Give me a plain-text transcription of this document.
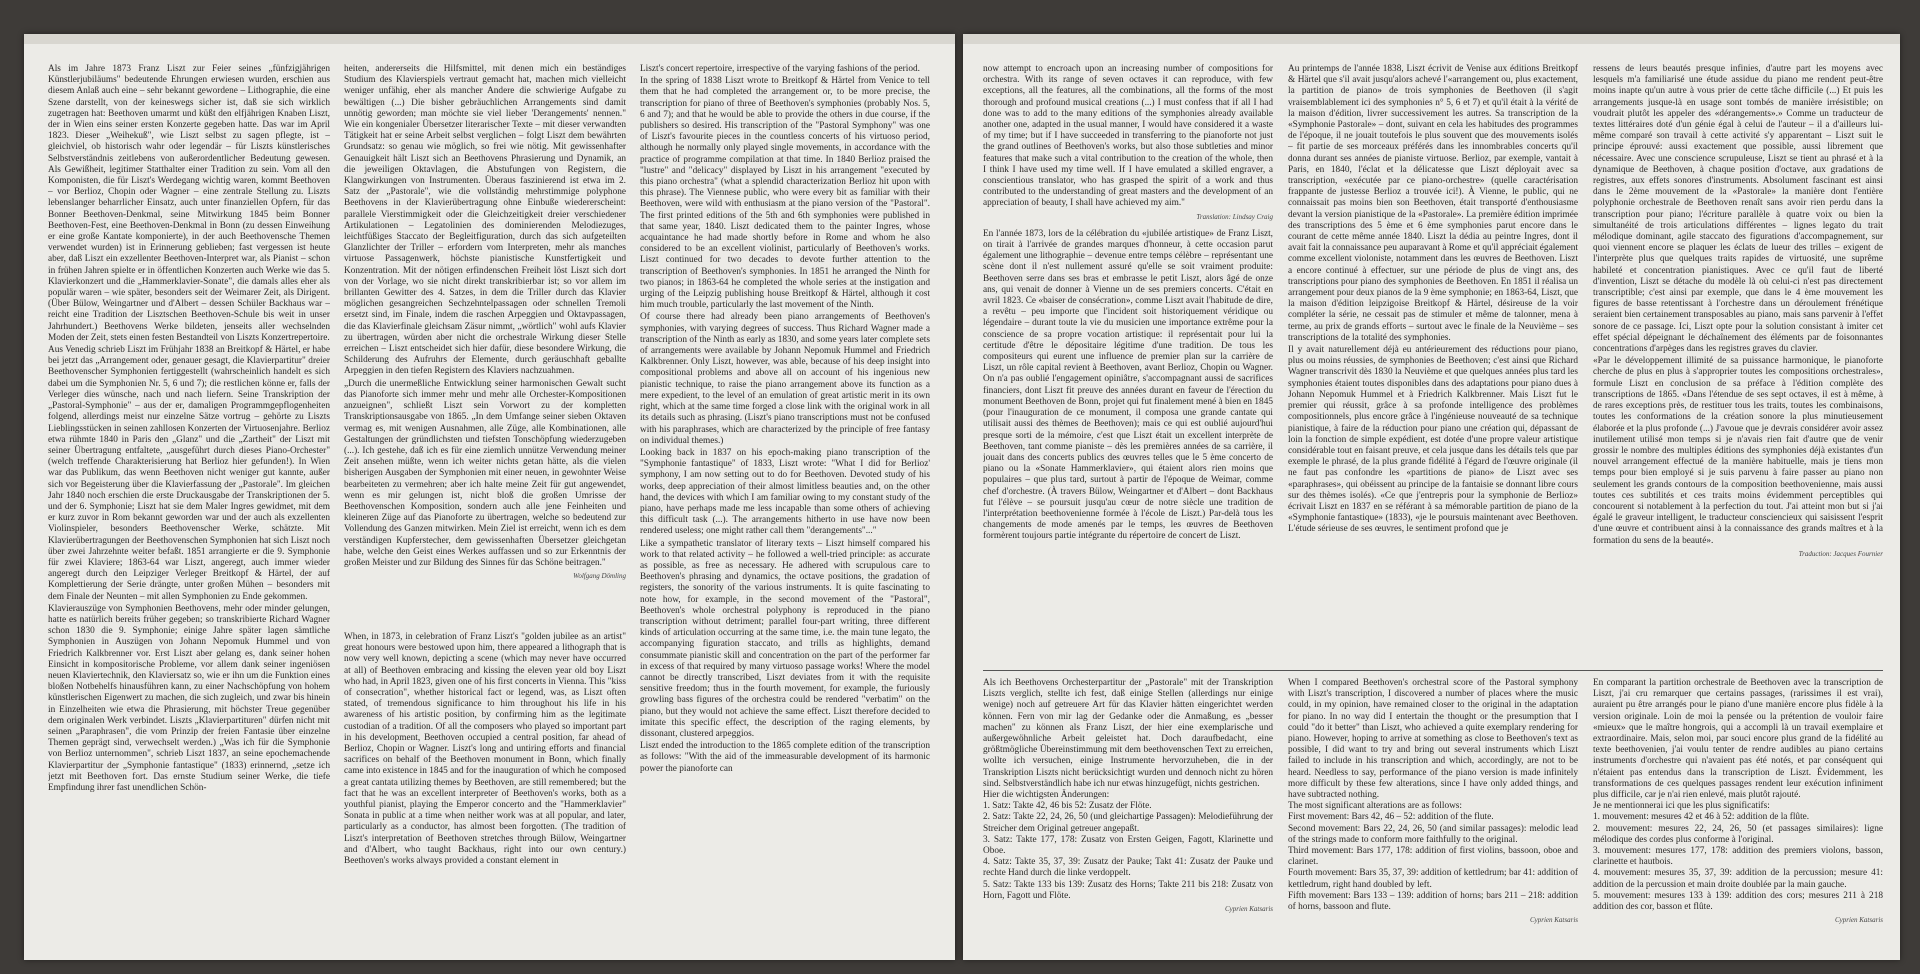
Als im Jahre 1873 Franz Liszt zur Feier seines „fünfzigjährigen Künstlerjubiläums" bedeutende Ehrungen erwiesen wurden, erschien aus diesem Anlaß auch eine – sehr bekannt gewordene – Lithographie, die eine Szene darstellt, von der keineswegs sicher ist, daß sie sich wirklich zugetragen hat: Beethoven umarmt und küßt den elfjährigen Knaben Liszt, der in Wien eins seiner ersten Konzerte gegeben hatte. Das war im April 1823. Dieser „Weihekuß", wie Liszt selbst zu sagen pflegte, ist – gleichviel, ob historisch wahr oder legendär – für Liszts künstlerisches Selbstverständnis zeitlebens von außerordentlicher Bedeutung gewesen. Als Gewißheit, legitimer Statthalter einer Tradition zu sein. Vom all den Komponisten, die für Liszt's Werdegang wichtig waren, kommt Beethoven – vor Berlioz, Chopin oder Wagner – eine zentrale Stellung zu. Liszts lebenslanger beharrlicher Einsatz, auch unter finanziellen Opfern, für das Bonner Beethoven-Denkmal, seine Mitwirkung 1845 beim Bonner Beethoven-Fest, eine Beethoven-Denkmal in Bonn (zu dessen Einweihung er eine große Kantate komponierte), in der auch Beethovensche Themen verwendet wurden) ist in Erinnerung geblieben; fast vergessen ist heute aber, daß Liszt ein exzellenter Beethoven-Interpret war, als Pianist – schon in frühen Jahren spielte er in öffentlichen Konzerten auch Werke wie das 5. Klavierkonzert und die „Hammerklavier-Sonate", die damals alles eher als populär waren – wie später, besonders seit der Weimarer Zeit, als Dirigent. (Über Bülow, Weingartner und d'Albert – dessen Schüler Backhaus war – reicht eine Tradition der Lisztschen Beethoven-Schule bis weit in unser Jahrhundert.) Beethovens Werke bildeten, jenseits aller wechselnden Moden der Zeit, stets einen festen Bestandteil von Liszts Konzertrepertoire.

Aus Venedig schrieb Liszt im Frühjahr 1838 an Breitkopf & Härtel, er habe bei jetzt das „Arrangement oder, genauer gesagt, die Klavierpartitur" dreier Beethovenscher Symphonien fertiggestellt (wahrscheinlich handelt es sich dabei um die Symphonien Nr. 5, 6 und 7); die restlichen könne er, falls der Verleger dies wünsche, nach und nach liefern. Seine Transkription der „Pastoral-Symphonie" – aus der er, damaligen Programmgepflogenheiten folgend, allerdings meist nur einzelne Sätze vortrug – gehörte zu Liszts Lieblingsstücken in seinen zahllosen Konzerten der Virtuosenjahre. Berlioz etwa rühmte 1840 in Paris den „Glanz" und die „Zartheit" der Liszt mit seiner Übertragung entfaltete, „ausgeführt durch dieses Piano-Orchester" (welch treffende Charakterisierung hat Berlioz hier gefunden!). In Wien war das Publikum, das wenn Beethoven nicht weniger gut kannte, außer sich vor Begeisterung über die Klavierfassung der „Pastorale". Im gleichen Jahr 1840 noch erschien die erste Druckausgabe der Transkriptionen der 5. und der 6. Symphonie; Liszt hat sie dem Maler Ingres gewidmet, mit dem er kurz zuvor in Rom bekannt geworden war und der auch als exzellenten Violinspieler, besonders Beethovenscher Werke, schätzte. Mit Klavierübertragungen der Beethovenschen Symphonien hat sich Liszt noch über zwei Jahrzehnte weiter befaßt. 1851 arrangierte er die 9. Symphonie für zwei Klaviere; 1863-64 war Liszt, angeregt, auch immer wieder angeregt durch den Leipziger Verleger Breitkopf & Härtel, der auf Komplettierung der Serie drängte, unter großen Mühen – besonders mit dem Finale der Neunten – mit allen Symphonien zu Ende gekommen.

Klavierauszüge von Symphonien Beethovens, mehr oder minder gelungen, hatte es natürlich bereits früher gegeben; so transkribierte Richard Wagner schon 1830 die 9. Symphonie; einige Jahre später lagen sämtliche Symphonien in Auszügen von Johann Nepomuk Hummel und von Friedrich Kalkbrenner vor. Erst Liszt aber gelang es, dank seiner hohen Einsicht in kompositorische Probleme, vor allem dank seiner ingeniösen neuen Klaviertechnik, den Klaviersatz so, wie er ihn um die Funktion eines bloßen Notbehelfs hinausführen kann, zu einer Nachschöpfung von hohem künstlerischen Eigenwert zu machen, die sich zugleich, und zwar bis hinein in Einzelheiten wie etwa die Phrasierung, mit höchster Treue gegenüber dem originalen Werk verbindet. Liszts „Klavierpartituren" dürfen nicht mit seinen „Paraphrasen", die vom Prinzip der freien Fantasie über einzelne Themen geprägt sind, verwechselt werden.) „Was ich für die Symphonie von Berlioz unternommen", schrieb Liszt 1837, an seine epochemachende Klavierpartitur der „Symphonie fantastique" (1833) erinnernd, „setze ich jetzt mit Beethoven fort. Das ernste Studium seiner Werke, die tiefe Empfindung ihrer fast unendlichen Schön-

heiten, andererseits die Hilfsmittel, mit denen mich ein beständiges Studium des Klavierspiels vertraut gemacht hat, machen mich vielleicht weniger unfähig, eher als mancher Andere die schwierige Aufgabe zu bewältigen (...) Die bisher gebräuchlichen Arrangements sind damit unnötig geworden; man möchte sie viel lieber 'Derangements' nennen." Wie ein kongenialer Übersetzer literarischer Texte – mit dieser verwandten Tätigkeit hat er seine Arbeit selbst verglichen – folgt Liszt dem bewährten Grundsatz: so genau wie möglich, so frei wie nötig. Mit gewissenhafter Genauigkeit hält Liszt sich an Beethovens Phrasierung und Dynamik, an die jeweiligen Oktavlagen, die Abstufungen von Registern, die Klangwirkungen von Instrumenten. Überaus faszinierend ist etwa im 2. Satz der „Pastorale", wie die vollständig mehrstimmige polyphone Beethovens in der Klavierübertragung ohne Einbuße wiedererscheint: parallele Vierstimmigkeit oder die Gleichzeitigkeit dreier verschiedener Artikulationen – Legatolinien des dominierenden Melodiezuges, leichtfüßiges Staccato der Begleitfiguration, durch das sich aufgeteilten Glanzlichter der Triller – erfordern vom Interpreten, mehr als manches virtuose Passagenwerk, höchste pianistische Kunstfertigkeit und Konzentration. Mit der nötigen erfindenschen Freiheit löst Liszt sich dort von der Vorlage, wo sie nicht direkt transkribierbar ist; so vor allem im brillanten Gewitter des 4. Satzes, in dem die Triller durch das Klavier möglichen gesangreichen Sechzehntelpassagen oder schnellen Tremoli ersetzt sind, im Finale, indem die raschen Arpeggien und Oktavpassagen, die das Klavierfinale gleichsam Zäsur nimmt, „wörtlich" wohl aufs Klavier zu übertragen, würden aber nicht die orchestrale Wirkung dieser Stelle erreichen – Liszt entscheidet sich hier dafür, diese besondere Wirkung, die Schilderung des Aufruhrs der Elemente, durch geräuschhaft geballte Arpeggien in den tiefen Registern des Klaviers nachzuahmen.

„Durch die unermeßliche Entwicklung seiner harmonischen Gewalt sucht das Pianoforte sich immer mehr und mehr alle Orchester-Kompositionen anzueignen", schließt Liszt sein Vorwort zu der kompletten Transkriptionsausgabe von 1865. „In dem Umfange seiner sieben Oktaven vermag es, mit wenigen Ausnahmen, alle Züge, alle Kombinationen, alle Gestaltungen der gründlichsten und tiefsten Tonschöpfung wiederzugeben (...). Ich gestehe, daß ich es für eine ziemlich unnütze Verwendung meiner Zeit ansehen müßte, wenn ich weiter nichts getan hätte, als die vielen bisherigen Ausgaben der Symphonien mit einer neuen, in gewohnter Weise bearbeiteten zu vermehren; aber ich halte meine Zeit für gut angewendet, wenn es mir gelungen ist, nicht bloß die großen Umrisse der Beethovenschen Komposition, sondern auch alle jene Feinheiten und kleineren Züge auf das Pianoforte zu übertragen, welche so bedeutend zur Vollendung des Ganzen mitwirken. Mein Ziel ist erreicht, wenn ich es dem verständigen Kupferstecher, dem gewissenhaften Übersetzer gleichgetan habe, welche den Geist eines Werkes auffassen und so zur Erkenntnis der großen Meister und zur Bildung des Sinnes für das Schöne beitragen."

Wolfgang Dömling

When, in 1873, in celebration of Franz Liszt's "golden jubilee as an artist" great honours were bestowed upon him, there appeared a lithograph that is now very well known, depicting a scene (which may never have occurred at all) of Beethoven embracing and kissing the eleven year old boy Liszt who had, in April 1823, given one of his first concerts in Vienna. This "kiss of consecration", whether historical fact or legend, was, as Liszt often stated, of tremendous significance to him throughout his life in his awareness of his artistic position, by confirming him as the legitimate custodian of a tradition. Of all the composers who played so important part in his development, Beethoven occupied a central position, far ahead of Berlioz, Chopin or Wagner. Liszt's long and untiring efforts and financial sacrifices on behalf of the Beethoven monument in Bonn, which finally came into existence in 1845 and for the inauguration of which he composed a great cantata utilizing themes by Beethoven, are still remembered; but the fact that he was an excellent interpreter of Beethoven's works, both as a youthful pianist, playing the Emperor concerto and the "Hammerklavier" Sonata in public at a time when neither work was at all popular, and later, particularly as a conductor, has almost been forgotten. (The tradition of Liszt's interpretation of Beethoven stretches through Bülow, Weingartner and d'Albert, who taught Backhaus, right into our own century.) Beethoven's works always provided a constant element in

Liszt's concert repertoire, irrespective of the varying fashions of the period.

In the spring of 1838 Liszt wrote to Breitkopf & Härtel from Venice to tell them that he had completed the arrangement or, to be more precise, the transcription for piano of three of Beethoven's symphonies (probably Nos. 5, 6 and 7); and that he would be able to provide the others in due course, if the publishers so desired. His transcription of the "Pastoral Symphony" was one of Liszt's favourite pieces in the countless concerts of his virtuoso period, although he normally only played single movements, in accordance with the practice of programme compilation at that time. In 1840 Berlioz praised the "lustre" and "delicacy" displayed by Liszt in his arrangement "executed by this piano orchestra" (what a splendid characterization Berlioz hit upon with this phrase). The Viennese public, who were every bit as familiar with their Beethoven, were wild with enthusiasm at the piano version of the "Pastoral". The first printed editions of the 5th and 6th symphonies were published in that same year, 1840. Liszt dedicated them to the painter Ingres, whose acquaintance he had made shortly before in Rome and whom he also considered to be an excellent violinist, particularly of Beethoven's works. Liszt continued for two decades to devote further attention to the transcription of Beethoven's symphonies. In 1851 he arranged the Ninth for two pianos; in 1863-64 he completed the whole series at the instigation and urging of the Leipzig publishing house Breitkopf & Härtel, although it cost him much trouble, particularly the last movement of the Ninth.

Of course there had already been piano arrangements of Beethoven's symphonies, with varying degrees of success. Thus Richard Wagner made a transcription of the Ninth as early as 1830, and some years later complete sets of arrangements were available by Johann Nepomuk Hummel and Friedrich Kalkbrenner. Only Liszt, however, was able, because of his deep insight into compositional problems and above all on account of his ingenious new pianistic technique, to raise the piano arrangement above its function as a mere expedient, to the level of an emulation of great artistic merit in its own right, which at the same time forged a close link with the original work in all its details such as phrasing. (Liszt's piano transcriptions must not be confused with his paraphrases, which are characterized by the principle of free fantasy on individual themes.)

Looking back in 1837 on his epoch-making piano transcription of the "Symphonie fantastique" of 1833, Liszt wrote: "What I did for Berlioz' symphony, I am now setting out to do for Beethoven. Devoted study of his works, deep appreciation of their almost limitless beauties and, on the other hand, the devices with which I am familiar owing to my constant study of the piano, have perhaps made me less incapable than some others of achieving this difficult task (...). The arrangements hitherto in use have now been rendered useless; one might rather call them "derangements"..."

Like a sympathetic translator of literary texts – Liszt himself compared his work to that related activity – he followed a well-tried principle: as accurate as possible, as free as necessary. He adhered with scrupulous care to Beethoven's phrasing and dynamics, the octave positions, the gradation of registers, the sonority of the various instruments. It is quite fascinating to note how, for example, in the second movement of the "Pastoral", Beethoven's whole orchestral polyphony is reproduced in the piano transcription without detriment; parallel four-part writing, three different kinds of articulation occurring at the same time, i.e. the main tune legato, the accompanying figuration staccato, and trills as highlights, demand consummate pianistic skill and concentration on the part of the performer far in excess of that required by many virtuoso passage works! Where the model cannot be directly transcribed, Liszt deviates from it with the requisite sensitive freedom; thus in the fourth movement, for example, the furiously growling bass figures of the orchestra could be rendered "verbatim" on the piano, but they would not achieve the same effect. Liszt therefore decided to imitate this specific effect, the description of the raging elements, by dissonant, clustered arpeggios.

Liszt ended the introduction to the 1865 complete edition of the transcription as follows: "With the aid of the immeasurable development of its harmonic power the pianoforte can

now attempt to encroach upon an increasing number of compositions for orchestra. With its range of seven octaves it can reproduce, with few exceptions, all the features, all the combinations, all the forms of the most thorough and profound musical creations (...) I must confess that if all I had done was to add to the many editions of the symphonies already available another one, adapted in the usual manner, I would have considered it a waste of my time; but if I have succeeded in transferring to the pianoforte not just the grand outlines of Beethoven's works, but also those subtleties and minor features that make such a vital contribution to the creation of the whole, then I think I have used my time well. If I have emulated a skilled engraver, a conscientious translator, who has grasped the spirit of a work and thus contributed to the understanding of great masters and the development of an appreciation of beauty, I shall have achieved my aim."

Translation: Lindsay Craig

En l'année 1873, lors de la célébration du «jubilée artistique» de Franz Liszt, on tirait à l'arrivée de grandes marques d'honneur, à cette occasion parut également une lithographie – devenue entre temps célèbre – représentant une scène dont il n'est nullement assuré qu'elle se soit vraiment produite: Beethoven serre dans ses bras et embrasse le petit Liszt, alors âgé de onze ans, qui venait de donner à Vienne un de ses premiers concerts. C'était en avril 1823. Ce «baiser de consécration», comme Liszt avait l'habitude de dire, a revêtu – peu importe que l'incident soit historiquement véridique ou légendaire – durant toute la vie du musicien une importance extrême pour la conscience de sa propre vocation artistique: il représentait pour lui la certitude d'être le dépositaire légitime d'une tradition. De tous les compositeurs qui eurent une influence de premier plan sur la carrière de Liszt, un rôle capital revient à Beethoven, avant Berlioz, Chopin ou Wagner. On n'a pas oublié l'engagement opiniâtre, s'accompagnant aussi de sacrifices financiers, dont Liszt fit preuve des années durant en faveur de l'érection du monument Beethoven de Bonn, projet qui fut finalement mené à bien en 1845 (pour l'inauguration de ce monument, il composa une grande cantate qui utilisait aussi des thèmes de Beethoven); mais ce qui est oublié aujourd'hui presque sorti de la mémoire, c'est que Liszt était un excellent interprète de Beethoven, tant comme pianiste – dès les premières années de sa carrière, il jouait dans des concerts publics des œuvres telles que le 5 ème concerto de piano ou la «Sonate Hammerklavier», qui étaient alors rien moins que populaires – que plus tard, surtout à partir de l'époque de Weimar, comme chef d'orchestre. (À travers Bülow, Weingartner et d'Albert – dont Backhaus fut l'élève – se poursuit jusqu'au cœur de notre siècle une tradition de l'interprétation beethovenienne formée à l'école de Liszt.) Par-delà tous les changements de mode amenés par le temps, les œuvres de Beethoven formèrent toujours partie intégrante du répertoire de concert de Liszt.

Au printemps de l'année 1838, Liszt écrivit de Venise aux éditions Breitkopf & Härtel que s'il avait jusqu'alors achevé l'«arrangement ou, plus exactement, la partition de piano» de trois symphonies de Beethoven (il s'agit vraisemblablement ici des symphonies n° 5, 6 et 7) et qu'il était à la vérité de la maison d'édition, livrer successivement les autres. Sa transcription de la «Symphonie Pastorale» – dont, suivant en cela les habitudes des programmes de l'époque, il ne jouait toutefois le plus souvent que des mouvements isolés – fit partie de ses morceaux préférés dans les innombrables concerts qu'il donna durant ses années de pianiste virtuose. Berlioz, par exemple, vantait à Paris, en 1840, l'éclat et la délicatesse que Liszt déployait avec sa transcription, «exécutée par ce piano-orchestre» (quelle caractérisation frappante de justesse Berlioz a trouvée ici!). À Vienne, le public, qui ne connaissait pas moins bien son Beethoven, était transporté d'enthousiasme devant la version pianistique de la «Pastorale». La première édition imprimée des transcriptions des 5 ème et 6 ème symphonies parut encore dans le courant de cette même année 1840. Liszt la dédia au peintre Ingres, dont il avait fait la connaissance peu auparavant à Rome et qu'il appréciait également comme excellent violoniste, notamment dans les œuvres de Beethoven. Liszt a encore continué à effectuer, sur une période de plus de vingt ans, des transcriptions pour piano des symphonies de Beethoven. En 1851 il réalisa un arrangement pour deux pianos de la 9 ème symphonie; en 1863-64, Liszt, que la maison d'édition leipzigoise Breitkopf & Härtel, désireuse de la voir compléter la série, ne cessait pas de stimuler et même de talonner, mena à terme, au prix de grands efforts – surtout avec le finale de la Neuvième – ses transcriptions de la totalité des symphonies.

Il y avait naturellement déjà eu antérieurement des réductions pour piano, plus ou moins réussies, de symphonies de Beethoven; c'est ainsi que Richard Wagner transcrivit dès 1830 la Neuvième et que quelques années plus tard les symphonies étaient toutes disponibles dans des adaptations pour piano dues à Johann Nepomuk Hummel et à Friedrich Kalkbrenner. Mais Liszt fut le premier qui réussit, grâce à sa profonde intelligence des problèmes compositionnels, plus encore grâce à l'ingénieuse nouveauté de sa technique pianistique, à faire de la réduction pour piano une création qui, dépassant de loin la fonction de simple expédient, est dotée d'une propre valeur artistique considérable tout en faisant preuve, et cela jusque dans les détails tels que par exemple le phrasé, de la plus grande fidélité à l'égard de l'œuvre originale (il ne faut pas confondre les «partitions de piano» de Liszt avec ses «paraphrases», qui obéissent au principe de la fantaisie se donnant libre cours sur des thèmes isolés). «Ce que j'entrepris pour la symphonie de Berlioz» écrivait Liszt en 1837 en se référant à sa mémorable partition de piano de la «Symphonie fantastique» (1833), «je le poursuis maintenant avec Beethoven. L'étude sérieuse de ses œuvres, le sentiment profond que je

ressens de leurs beautés presque infinies, d'autre part les moyens avec lesquels m'a familiarisé une étude assidue du piano me rendent peut-être moins inapte qu'un autre à vous prier de cette tâche difficile (...) Et puis les arrangements jusque-là en usage sont tombés de manière irrésistible; on voudrait plutôt les appeler des «dérangements».» Comme un traducteur de textes littéraires doté d'un génie égal à celui de l'auteur – il a d'ailleurs lui-même comparé son travail à cette activité s'y apparentant – Liszt suit le principe éprouvé: aussi exactement que possible, aussi librement que nécessaire. Avec une conscience scrupuleuse, Liszt se tient au phrasé et à la dynamique de Beethoven, à chaque position d'octave, aux gradations de registres, aux effets sonores d'instruments. Absolument fascinant est ainsi dans le 2ème mouvement de la «Pastorale» la manière dont l'entière polyphonie orchestrale de Beethoven renaît sans avoir rien perdu dans la transcription pour piano; l'écriture parallèle à quatre voix ou bien la simultanéité de trois articulations différentes – lignes legato du trait mélodique dominant, agile staccato des figurations d'accompagnement, sur quoi viennent encore se plaquer les éclats de lueur des trilles – exigent de l'interprète plus que quelques traits rapides de virtuosité, une suprême habileté et concentration pianistiques. Avec ce qu'il faut de liberté d'invention, Liszt se détache du modèle là où celui-ci n'est pas directement transcriptible; c'est ainsi par exemple, que dans le 4 ème mouvement les figures de basse retentissant à l'orchestre dans un déroulement frénétique seraient bien certainement transposables au piano, mais sans parvenir à l'effet sonore de ce passage. Ici, Liszt opte pour la solution consistant à imiter cet effet spécial dépeignant le déchaînement des éléments par de foisonnantes concentrations d'arpèges dans les registres graves du clavier.

«Par le développement illimité de sa puissance harmonique, le pianoforte cherche de plus en plus à s'approprier toutes les compositions orchestrales», formule Liszt en conclusion de sa préface à l'édition complète des transcriptions de 1865. «Dans l'étendue de ses sept octaves, il est à même, à de rares exceptions près, de restituer tous les traits, toutes les combinaisons, toutes les conformations de la création sonore la plus minutieusement élaborée et la plus profonde (...) J'avoue que je devrais considérer avoir assez inutilement utilisé mon temps si je n'avais rien fait d'autre que de venir grossir le nombre des multiples éditions des symphonies déjà existantes d'un nouvel arrangement effectué de la manière habituelle, mais je tiens mon temps pour bien employé si je suis parvenu à faire passer au piano non seulement les grands contours de la composition beethovenienne, mais aussi toutes ces subtilités et ces traits moins évidemment perceptibles qui concourent si notablement à la perfection du tout. J'ai atteint mon but si j'ai égalé le graveur intelligent, le traducteur consciencieux qui saisissent l'esprit d'une œuvre et contribuent ainsi à la connaissance des grands maîtres et à la formation du sens de la beauté».

Traduction: Jacques Fournier

Als ich Beethovens Orchesterpartitur der „Pastorale" mit der Transkription Liszts verglich, stellte ich fest, daß einige Stellen (allerdings nur einige wenige) noch auf getreuere Art für das Klavier hätten eingerichtet werden können. Fern von mir lag der Gedanke oder die Anmaßung, es „besser machen" zu können als Franz Liszt, der hier eine exemplarische und außergewöhnliche Arbeit geleistet hat. Doch daraufbedacht, eine größtmögliche Übereinstimmung mit dem beethovenschen Text zu erreichen, wollte ich versuchen, einige Instrumente hervorzuheben, die in der Transkription Liszts nicht berücksichtigt wurden und dennoch nicht zu hören sind. Selbstverständlich habe ich nur etwas hinzugefügt, nichts gestrichen.

Hier die wichtigsten Änderungen:

1. Satz: Takte 42, 46 bis 52: Zusatz der Flöte.
2. Satz: Takte 22, 24, 26, 50 (und gleichartige Passagen): Melodieführung der Streicher dem Original getreuer angepaßt.
3. Satz: Takte 177, 178: Zusatz von Ersten Geigen, Fagott, Klarinette und Oboe.
4. Satz: Takte 35, 37, 39: Zusatz der Pauke; Takt 41: Zusatz der Pauke und rechte Hand durch die linke verdoppelt.
5. Satz: Takte 133 bis 139: Zusatz des Horns; Takte 211 bis 218: Zusatz von Horn, Fagott und Flöte.
Cyprien Katsaris

When I compared Beethoven's orchestral score of the Pastoral symphony with Liszt's transcription, I discovered a number of places where the music could, in my opinion, have remained closer to the original in the adaptation for piano. In no way did I entertain the thought or the presumption that I could "do it better" than Liszt, who achieved a quite exemplary rendering for piano. However, hoping to arrive at something as close to Beethoven's text as possible, I did want to try and bring out several instruments which Liszt failed to include in his transcription and which, accordingly, are not to be heard. Needless to say, performance of the piano version is made infinitely more difficult by these few alterations, since I have only added things, and have subtracted nothing.

The most significant alterations are as follows:

First movement: Bars 42, 46 – 52: addition of the flute.
Second movement: Bars 22, 24, 26, 50 (and similar passages): melodic lead of the strings made to conform more faithfully to the original.
Third movement: Bars 177, 178: addition of first violins, bassoon, oboe and clarinet.
Fourth movement: Bars 35, 37, 39: addition of kettledrum; bar 41: addition of kettledrum, right hand doubled by left.
Fifth movement: Bars 133 – 139: addition of horns; bars 211 – 218: addition of horns, bassoon and flute.
Cyprien Katsaris

En comparant la partition orchestrale de Beethoven avec la transcription de Liszt, j'ai cru remarquer que certains passages, (rarissimes il est vrai), auraient pu être arrangés pour le piano d'une manière encore plus fidèle à la version originale. Loin de moi la pensée ou la prétention de vouloir faire «mieux» que le maître hongrois, qui a accompli là un travail exemplaire et extraordinaire. Mais, selon moi, par souci encore plus grand de la fidélité au texte beethovenien, j'ai voulu tenter de rendre audibles au piano certains instruments d'orchestre qui n'avaient pas été notés, et par conséquent qui n'étaient pas entendus dans la transcription de Liszt. Évidemment, les transformations de ces quelques passages rendent leur exécution infiniment plus difficile, car je n'ai rien enlevé, mais plutôt rajouté.

Je ne mentionnerai ici que les plus significatifs:

1. mouvement: mesures 42 et 46 à 52: addition de la flûte.
2. mouvement: mesures 22, 24, 26, 50 (et passages similaires): ligne mélodique des cordes plus conforme à l'original.
3. mouvement: mesures 177, 178: addition des premiers violons, basson, clarinette et hautbois.
4. mouvement: mesures 35, 37, 39: addition de la percussion; mesure 41: addition de la percussion et main droite doublée par la main gauche.
5. mouvement: mesures 133 à 139: addition des cors; mesures 211 à 218 addition des cor, basson et flûte.
Cyprien Katsaris
